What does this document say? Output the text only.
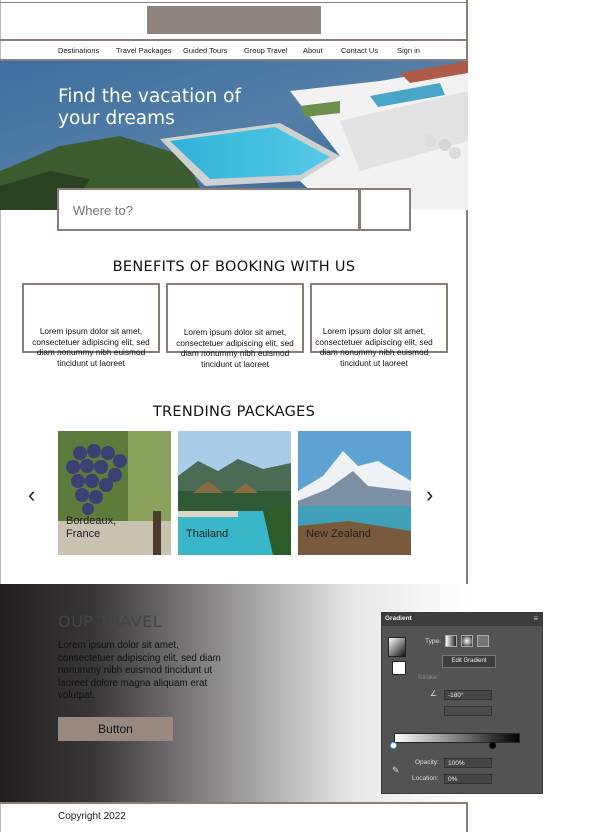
Destinations Travel Packages Guided Tours Group Travel About Contact Us	Sign in
Find the vacation of
your dreams
Where to?
BENEFITS OF BOOKING WITH US
Lorem ipsum dolor sit amet, consectetuer adipiscing elit, sed diam nonummy nibh euismod tincidunt ut laoreet
Lorem ipsum dolor sit amet, consectetuer adipiscing elit, sed diam nonummy nibh euismod tincidunt ut laoreet
Lorem ipsum dolor sit amet, consectetuer adipiscing elit, sed diam nonummy nibh euismod tincidunt ut laoreet
TRENDING PACKAGES
‹	›
Bordeaux,
France	Thailand	New Zealand
OUP TRAVEL
Lorem ipsum dolor sit amet, consectetuer adipiscing elit, sed diam nonummy nibh euismod tincidunt ut laoreet dolore magna aliquam erat volutpat.
Button
Copyright 2022
Gradient	≡
Type:
Edit Gradient
Stroke:
∠	-180°
✎
Opacity:	100%
Location:	0%
